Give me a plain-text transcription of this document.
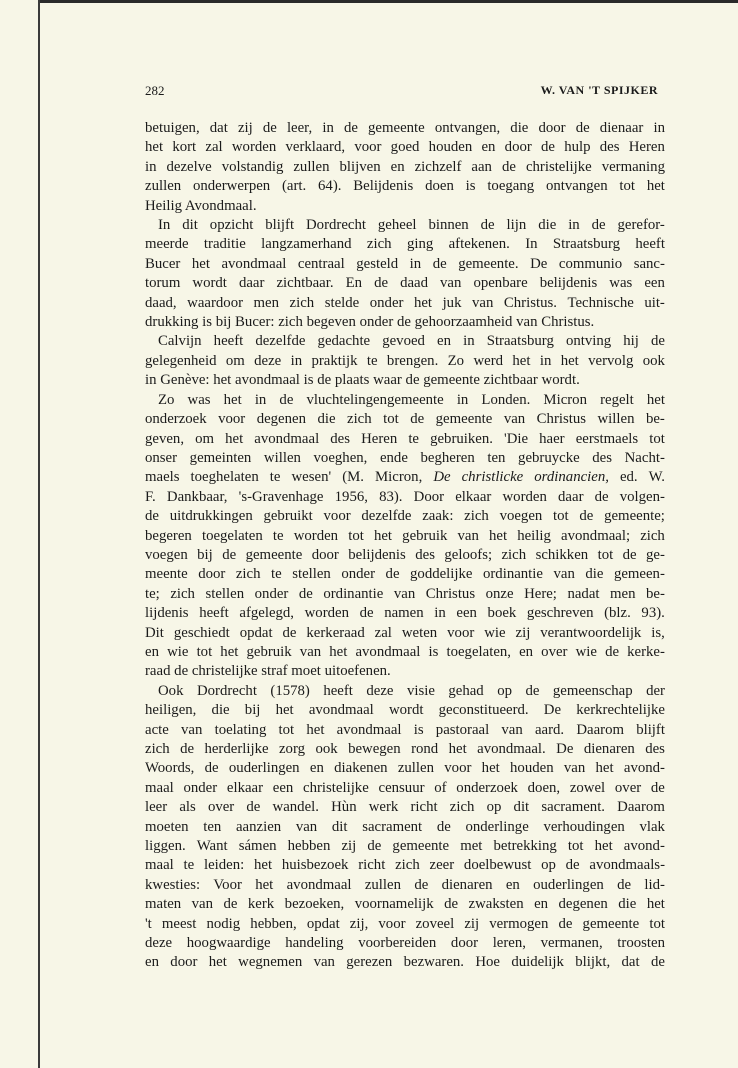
282	W. VAN 'T SPIJKER
betuigen, dat zij de leer, in de gemeente ontvangen, die door de dienaar in
het kort zal worden verklaard, voor goed houden en door de hulp des Heren
in dezelve volstandig zullen blijven en zichzelf aan de christelijke vermaning
zullen onderwerpen (art. 64). Belijdenis doen is toegang ontvangen tot het
Heilig Avondmaal.
In dit opzicht blijft Dordrecht geheel binnen de lijn die in de gerefor-
meerde traditie langzamerhand zich ging aftekenen. In Straatsburg heeft
Bucer het avondmaal centraal gesteld in de gemeente. De communio sanc-
torum wordt daar zichtbaar. En de daad van openbare belijdenis was een
daad, waardoor men zich stelde onder het juk van Christus. Technische uit-
drukking is bij Bucer: zich begeven onder de gehoorzaamheid van Christus.
Calvijn heeft dezelfde gedachte gevoed en in Straatsburg ontving hij de
gelegenheid om deze in praktijk te brengen. Zo werd het in het vervolg ook
in Genève: het avondmaal is de plaats waar de gemeente zichtbaar wordt.
Zo was het in de vluchtelingengemeente in Londen. Micron regelt het
onderzoek voor degenen die zich tot de gemeente van Christus willen be-
geven, om het avondmaal des Heren te gebruiken. 'Die haer eerstmaels tot
onser gemeinten willen voeghen, ende begheren ten gebruycke des Nacht-
maels toeghelaten te wesen' (M. Micron, De christlicke ordinancien, ed. W.
F. Dankbaar, 's-Gravenhage 1956, 83). Door elkaar worden daar de volgen-
de uitdrukkingen gebruikt voor dezelfde zaak: zich voegen tot de gemeente;
begeren toegelaten te worden tot het gebruik van het heilig avondmaal; zich
voegen bij de gemeente door belijdenis des geloofs; zich schikken tot de ge-
meente door zich te stellen onder de goddelijke ordinantie van die gemeen-
te; zich stellen onder de ordinantie van Christus onze Here; nadat men be-
lijdenis heeft afgelegd, worden de namen in een boek geschreven (blz. 93).
Dit geschiedt opdat de kerkeraad zal weten voor wie zij verantwoordelijk is,
en wie tot het gebruik van het avondmaal is toegelaten, en over wie de kerke-
raad de christelijke straf moet uitoefenen.
Ook Dordrecht (1578) heeft deze visie gehad op de gemeenschap der
heiligen, die bij het avondmaal wordt geconstitueerd. De kerkrechtelijke
acte van toelating tot het avondmaal is pastoraal van aard. Daarom blijft
zich de herderlijke zorg ook bewegen rond het avondmaal. De dienaren des
Woords, de ouderlingen en diakenen zullen voor het houden van het avond-
maal onder elkaar een christelijke censuur of onderzoek doen, zowel over de
leer als over de wandel. Hùn werk richt zich op dit sacrament. Daarom
moeten ten aanzien van dit sacrament de onderlinge verhoudingen vlak
liggen. Want sámen hebben zij de gemeente met betrekking tot het avond-
maal te leiden: het huisbezoek richt zich zeer doelbewust op de avondmaals-
kwesties: Voor het avondmaal zullen de dienaren en ouderlingen de lid-
maten van de kerk bezoeken, voornamelijk de zwaksten en degenen die het
't meest nodig hebben, opdat zij, voor zoveel zij vermogen de gemeente tot
deze hoogwaardige handeling voorbereiden door leren, vermanen, troosten
en door het wegnemen van gerezen bezwaren. Hoe duidelijk blijkt, dat de
